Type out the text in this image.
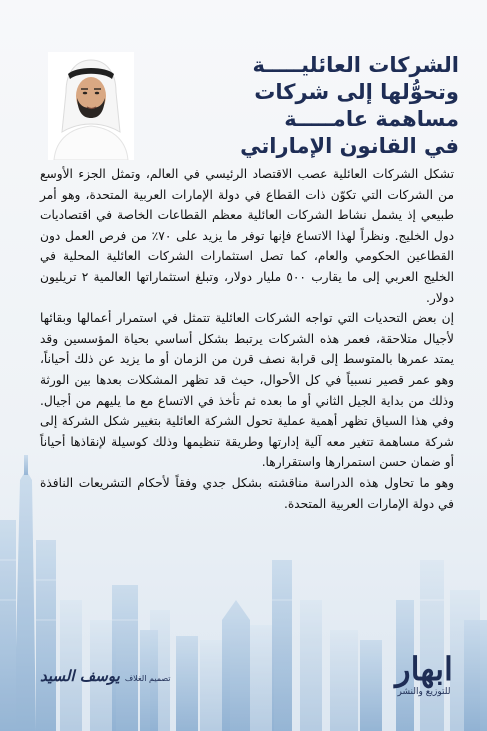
الشركات العائليـــــة
وتحوُّلها إلى شركات
مساهمة عامـــــة
في القانون الإماراتي

تشكل الشركات العائلية عصب الاقتصاد الرئيسي في العالم، وتمثل الجزء الأوسع من الشركات التي تكوّن ذات القطاع في دولة الإمارات العربية المتحدة، وهو أمر طبيعي إذ يشمل نشاط الشركات العائلية معظم القطاعات الخاصة في اقتصاديات دول الخليج. ونظراً لهذا الاتساع فإنها توفر ما يزيد على ٧٠٪ من فرص العمل دون القطاعين الحكومي والعام، كما تصل استثمارات الشركات العائلية المحلية في الخليج العربي إلى ما يقارب ٥٠٠ مليار دولار، وتبلغ استثماراتها العالمية ٢ تريليون دولار.

إن بعض التحديات التي تواجه الشركات العائلية تتمثل في استمرار أعمالها وبقائها لأجيال متلاحقة، فعمر هذه الشركات يرتبط بشكل أساسي بحياة المؤسسين وقد يمتد عمرها بالمتوسط إلى قرابة نصف قرن من الزمان أو ما يزيد عن ذلك أحياناً، وهو عمر قصير نسبياً في كل الأحوال، حيث قد تظهر المشكلات بعدها بين الورثة وذلك من بداية الجيل الثاني أو ما بعده ثم تأخذ في الاتساع مع ما يليهم من أجيال. وفي هذا السياق تظهر أهمية عملية تحول الشركة العائلية بتغيير شكل الشركة إلى شركة مساهمة تتغير معه آلية إدارتها وطريقة تنظيمها وذلك كوسيلة لإنقاذها أحياناً أو ضمان حسن استمرارها واستقرارها.

وهو ما تحاول هذه الدراسة مناقشته بشكل جدي وفقاً لأحكام التشريعات النافذة في دولة الإمارات العربية المتحدة.

تصميم الغلاف يوسف السيد	ابهار
للتوزيع والنشر
